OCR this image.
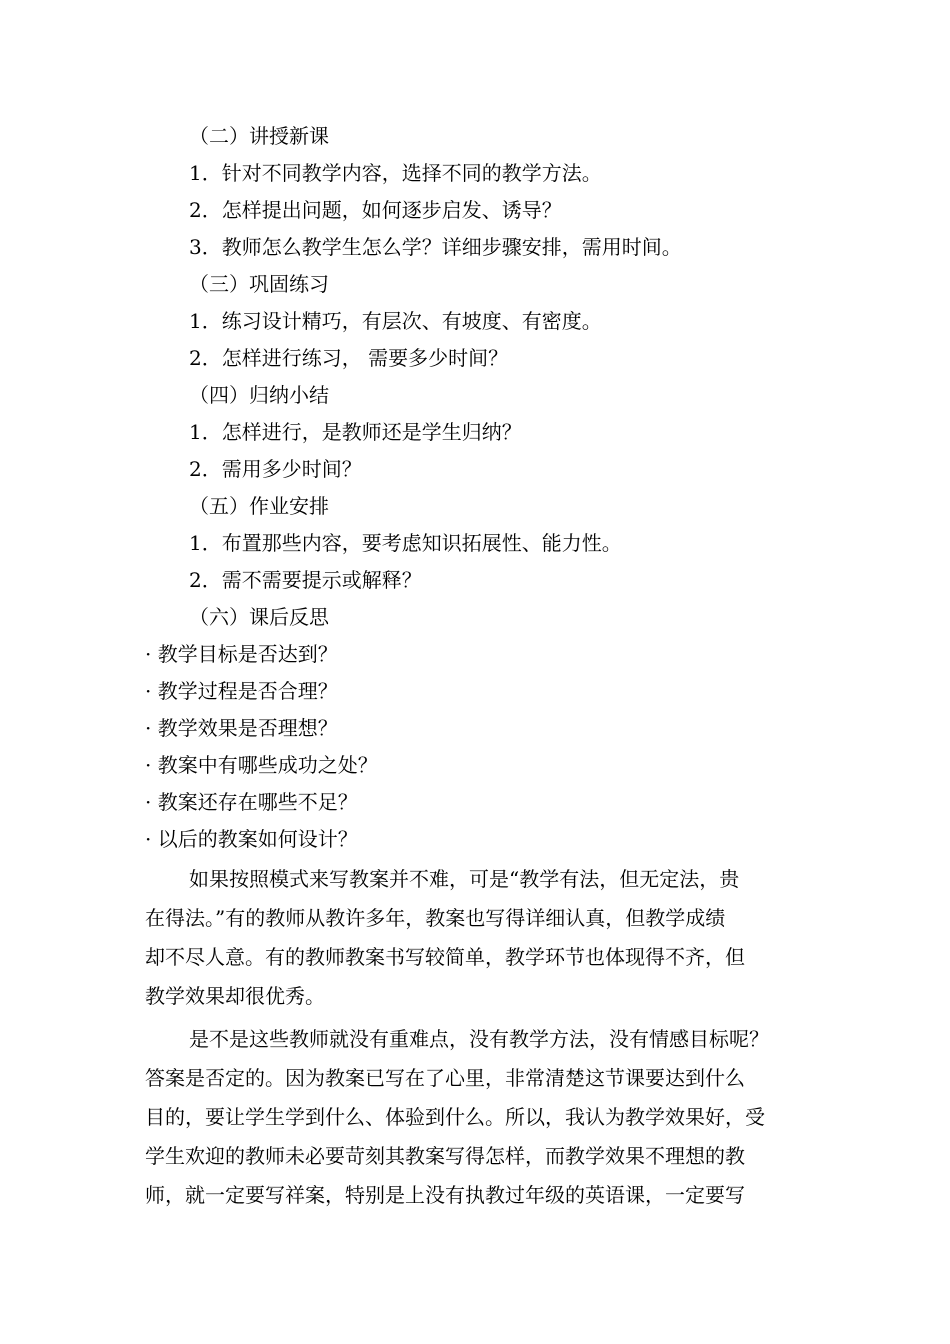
（二）讲授新课
1．针对不同教学内容，选择不同的教学方法。
2．怎样提出问题，如何逐步启发、诱导？
3．教师怎么教学生怎么学？详细步骤安排，需用时间。
（三）巩固练习
1．练习设计精巧，有层次、有坡度、有密度。
2．怎样进行练习， 需要多少时间？
（四）归纳小结
1．怎样进行，是教师还是学生归纳？
2．需用多少时间？
（五）作业安排
1．布置那些内容，要考虑知识拓展性、能力性。
2．需不需要提示或解释？
（六）课后反思
· 教学目标是否达到？
· 教学过程是否合理？
· 教学效果是否理想？
· 教案中有哪些成功之处？
· 教案还存在哪些不足？
· 以后的教案如何设计？
如果按照模式来写教案并不难，可是“教学有法，但无定法，贵
在得法。”有的教师从教许多年，教案也写得详细认真，但教学成绩
却不尽人意。有的教师教案书写较简单，教学环节也体现得不齐，但
教学效果却很优秀。
是不是这些教师就没有重难点，没有教学方法，没有情感目标呢？
答案是否定的。因为教案已写在了心里，非常清楚这节课要达到什么
目的，要让学生学到什么、体验到什么。所以，我认为教学效果好，受
学生欢迎的教师未必要苛刻其教案写得怎样，而教学效果不理想的教
师，就一定要写祥案，特别是上没有执教过年级的英语课，一定要写
